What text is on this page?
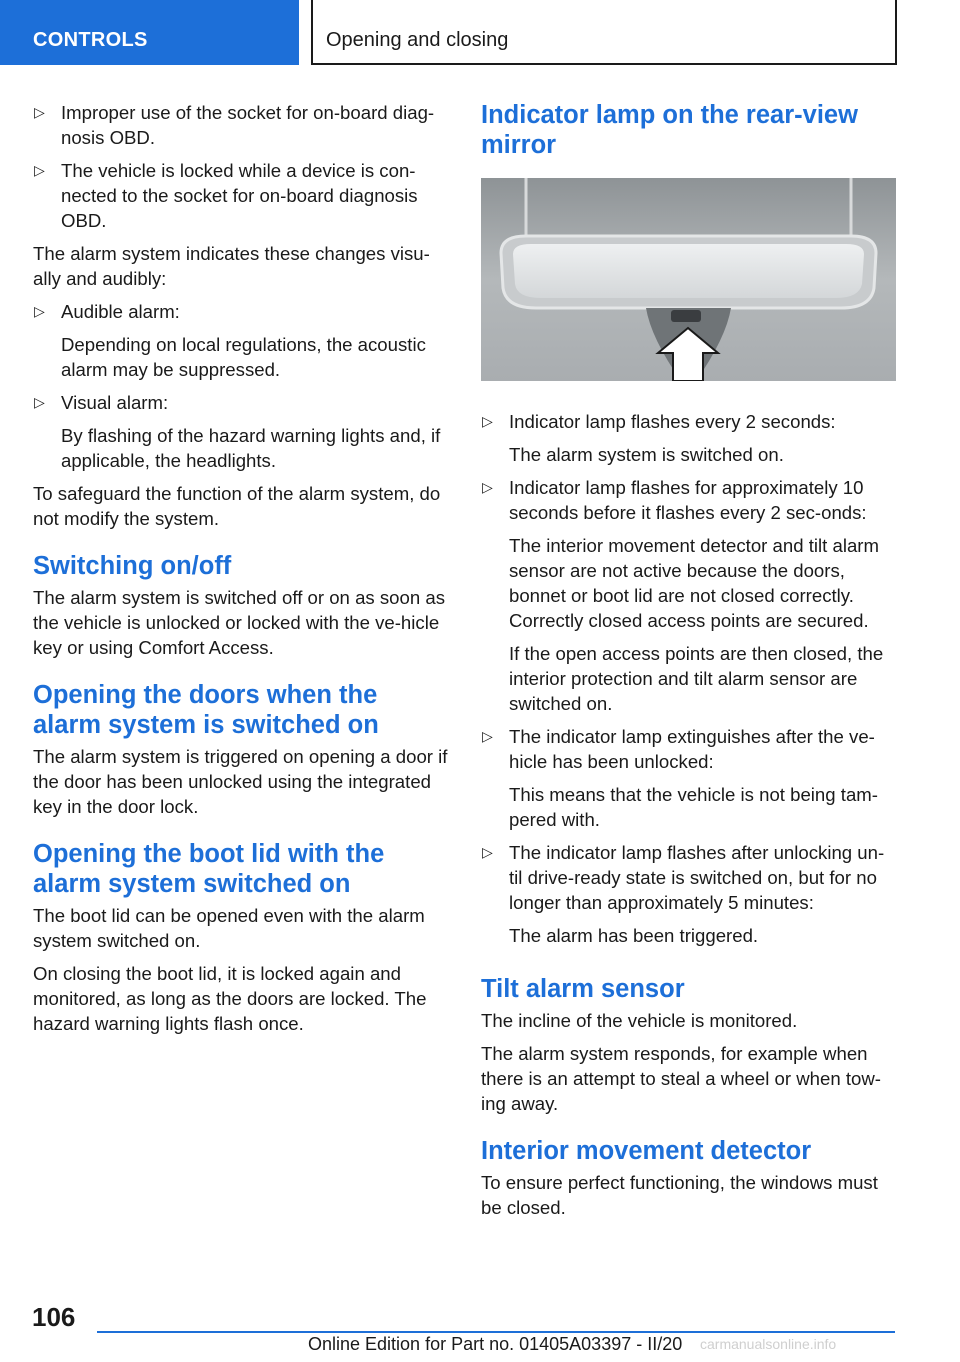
CONTROLS	Opening and closing
▷ Improper use of the socket for on-board diag-nosis OBD.
▷ The vehicle is locked while a device is con-nected to the socket for on-board diagnosis OBD.

The alarm system indicates these changes visu-ally and audibly:

▷ Audible alarm:
Depending on local regulations, the acoustic alarm may be suppressed.
▷ Visual alarm:
By flashing of the hazard warning lights and, if applicable, the headlights.

To safeguard the function of the alarm system, do not modify the system.

Switching on/off

The alarm system is switched off or on as soon as the vehicle is unlocked or locked with the ve-hicle key or using Comfort Access.

Opening the doors when the alarm system is switched on

The alarm system is triggered on opening a door if the door has been unlocked using the integrated key in the door lock.

Opening the boot lid with the alarm system switched on

The boot lid can be opened even with the alarm system switched on.

On closing the boot lid, it is locked again and monitored, as long as the doors are locked. The hazard warning lights flash once.

Indicator lamp on the rear-view mirror
▷ Indicator lamp flashes every 2 seconds:
The alarm system is switched on.
▷ Indicator lamp flashes for approximately 10 seconds before it flashes every 2 sec-onds:
The interior movement detector and tilt alarm sensor are not active because the doors, bonnet or boot lid are not closed correctly. Correctly closed access points are secured.
If the open access points are then closed, the interior protection and tilt alarm sensor are switched on.
▷ The indicator lamp extinguishes after the ve-hicle has been unlocked:
This means that the vehicle is not being tam-pered with.
▷ The indicator lamp flashes after unlocking un-til drive-ready state is switched on, but for no longer than approximately 5 minutes:
The alarm has been triggered.
Tilt alarm sensor

The incline of the vehicle is monitored.

The alarm system responds, for example when there is an attempt to steal a wheel or when tow-ing away.

Interior movement detector

To ensure perfect functioning, the windows must be closed.

106
Online Edition for Part no. 01405A03397 - II/20 carmanualsonline.info
